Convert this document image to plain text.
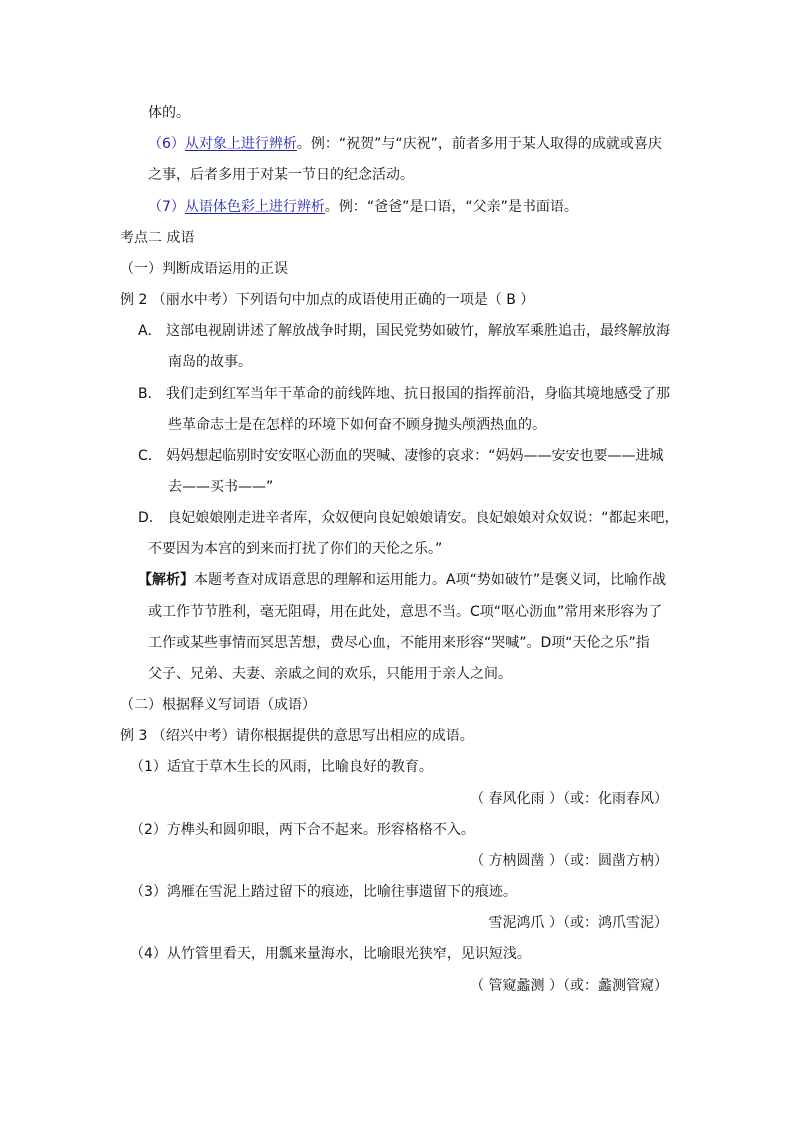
体的。
（6）从对象上进行辨析。例：“祝贺”与“庆祝”，前者多用于某人取得的成就或喜庆
之事，后者多用于对某一节日的纪念活动。
（7）从语体色彩上进行辨析。例：“爸爸”是口语，“父亲”是书面语。
考点二 成语
（一）判断成语运用的正误
例 2 （丽水中考）下列语句中加点的成语使用正确的一项是（ B ）
A． 这部电视剧讲述了解放战争时期，国民党势如破竹，解放军乘胜追击，最终解放海
南岛的故事。
B． 我们走到红军当年干革命的前线阵地、抗日报国的指挥前沿，身临其境地感受了那
些革命志士是在怎样的环境下如何奋不顾身抛头颅洒热血的。
C． 妈妈想起临别时安安呕心沥血的哭喊、凄惨的哀求：“妈妈——安安也要——进城
去——买书——”
D． 良妃娘娘刚走进辛者库，众奴便向良妃娘娘请安。良妃娘娘对众奴说：“都起来吧，
不要因为本宫的到来而打扰了你们的天伦之乐。”
【解析】本题考查对成语意思的理解和运用能力。A项“势如破竹”是褒义词，比喻作战
或工作节节胜利，毫无阻碍，用在此处，意思不当。C项“呕心沥血”常用来形容为了
工作或某些事情而冥思苦想，费尽心血，不能用来形容“哭喊”。D项“天伦之乐”指
父子、兄弟、夫妻、亲戚之间的欢乐，只能用于亲人之间。
（二）根据释义写词语（成语）
例 3 （绍兴中考）请你根据提供的意思写出相应的成语。
（1）适宜于草木生长的风雨，比喻良好的教育。
（ 春风化雨 ）（或：化雨春风）
（2）方榫头和圆卯眼，两下合不起来。形容格格不入。
（ 方枘圆凿 ）（或：圆凿方枘）
（3）鸿雁在雪泥上踏过留下的痕迹，比喻往事遗留下的痕迹。
雪泥鸿爪 ）（或：鸿爪雪泥）
（4）从竹管里看天，用瓢来量海水，比喻眼光狭窄，见识短浅。
（ 管窥蠡测 ）（或：蠡测管窥）
